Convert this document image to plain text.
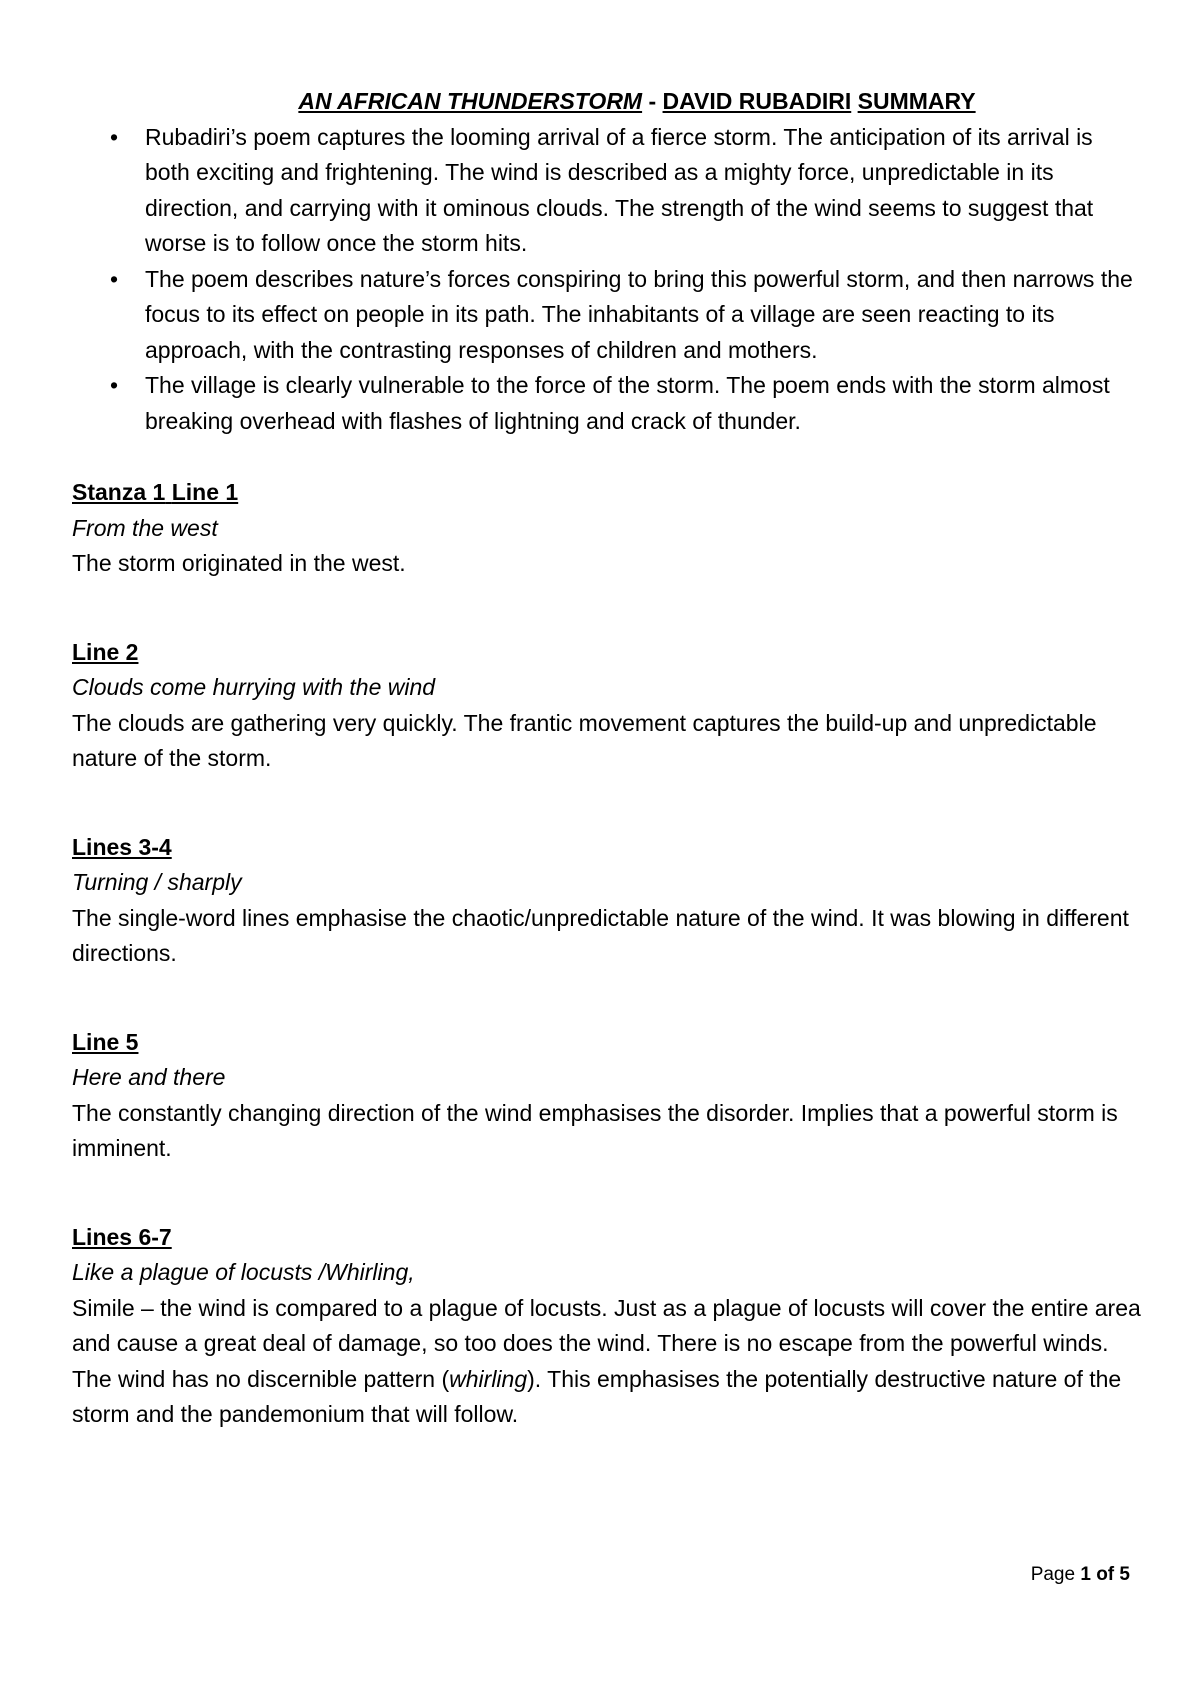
AN AFRICAN THUNDERSTORM - DAVID RUBADIRI SUMMARY

• Rubadiri’s poem captures the looming arrival of a fierce storm. The anticipation of its arrival is both exciting and frightening. The wind is described as a mighty force, unpredictable in its direction, and carrying with it ominous clouds. The strength of the wind seems to suggest that worse is to follow once the storm hits.
• The poem describes nature’s forces conspiring to bring this powerful storm, and then narrows the focus to its effect on people in its path. The inhabitants of a village are seen reacting to its approach, with the contrasting responses of children and mothers.
• The village is clearly vulnerable to the force of the storm. The poem ends with the storm almost breaking overhead with flashes of lightning and crack of thunder.

Stanza 1 Line 1

From the west

The storm originated in the west.

Line 2

Clouds come hurrying with the wind

The clouds are gathering very quickly. The frantic movement captures the build-up and unpredictable nature of the storm.

Lines 3-4

Turning / sharply

The single-word lines emphasise the chaotic/unpredictable nature of the wind. It was blowing in different directions.

Line 5

Here and there

The constantly changing direction of the wind emphasises the disorder. Implies that a powerful storm is imminent.

Lines 6-7

Like a plague of locusts /Whirling,

Simile – the wind is compared to a plague of locusts. Just as a plague of locusts will cover the entire area and cause a great deal of damage, so too does the wind. There is no escape from the powerful winds. The wind has no discernible pattern (whirling). This emphasises the potentially destructive nature of the storm and the pandemonium that will follow.

Page 1 of 5
